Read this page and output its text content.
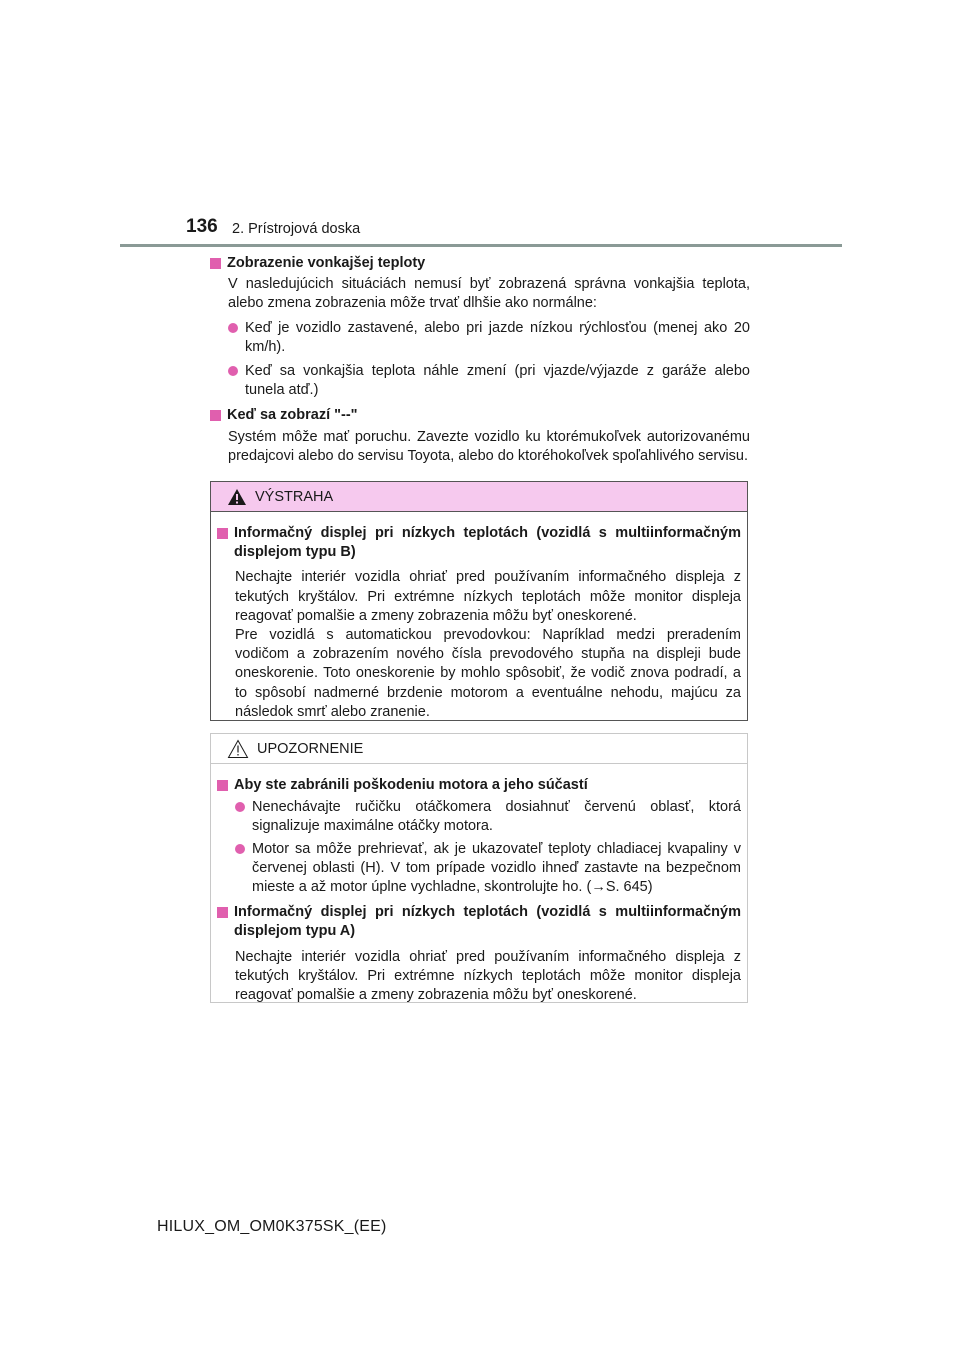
136 2. Prístrojová doska
Zobrazenie vonkajšej teploty
V nasledujúcich situáciách nemusí byť zobrazená správna vonkajšia teplota, alebo zmena zobrazenia môže trvať dlhšie ako normálne:
Keď je vozidlo zastavené, alebo pri jazde nízkou rýchlosťou (menej ako 20 km/h).
Keď sa vonkajšia teplota náhle zmení (pri vjazde/výjazde z garáže alebo tunela atď.)
Keď sa zobrazí "--"
Systém môže mať poruchu. Zavezte vozidlo ku ktorémukoľvek autorizovanému predajcovi alebo do servisu Toyota, alebo do ktoréhokoľvek spoľahlivého servisu.
VÝSTRAHA
Informačný displej pri nízkych teplotách (vozidlá s multiinformačným displejom typu B)
Nechajte interiér vozidla ohriať pred používaním informačného displeja z tekutých kryštálov. Pri extrémne nízkych teplotách môže monitor displeja reagovať pomalšie a zmeny zobrazenia môžu byť oneskorené.
Pre vozidlá s automatickou prevodovkou: Napríklad medzi preradením vodičom a zobrazením nového čísla prevodového stupňa na displeji bude oneskorenie. Toto oneskorenie by mohlo spôsobiť, že vodič znova podradí, a to spôsobí nadmerné brzdenie motorom a eventuálne nehodu, majúcu za následok smrť alebo zranenie.
UPOZORNENIE
Aby ste zabránili poškodeniu motora a jeho súčastí
Nenechávajte ručičku otáčkomera dosiahnuť červenú oblasť, ktorá signalizuje maximálne otáčky motora.
Motor sa môže prehrievať, ak je ukazovateľ teploty chladiacej kvapaliny v červenej oblasti (H). V tom prípade vozidlo ihneď zastavte na bezpečnom mieste a až motor úplne vychladne, skontrolujte ho. (→S. 645)
Informačný displej pri nízkych teplotách (vozidlá s multiinformačným displejom typu A)
Nechajte interiér vozidla ohriať pred používaním informačného displeja z tekutých kryštálov. Pri extrémne nízkych teplotách môže monitor displeja reagovať pomalšie a zmeny zobrazenia môžu byť oneskorené.
HILUX_OM_OM0K375SK_(EE)
